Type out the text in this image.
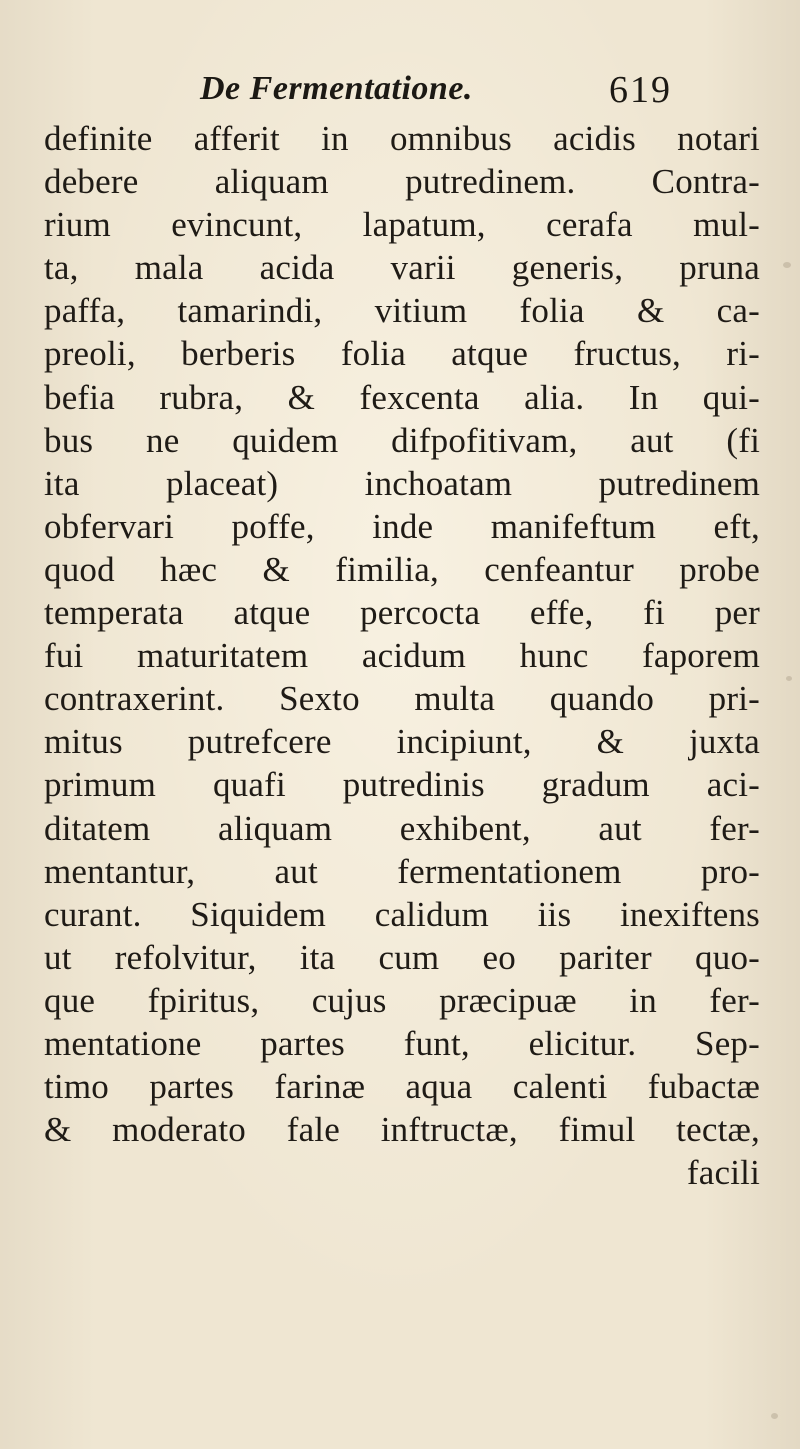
De Fermentatione.	619
definite afferit in omnibus acidis notari
debere aliquam putredinem. Contra-
rium evincunt, lapatum, cerafa mul-
ta, mala acida varii generis, pruna
paffa, tamarindi, vitium folia & ca-
preoli, berberis folia atque fructus, ri-
befia rubra, & fexcenta alia. In qui-
bus ne quidem difpofitivam, aut (fi
ita placeat) inchoatam putredinem
obfervari poffe, inde manifeftum eft,
quod hæc & fimilia, cenfeantur probe
temperata atque percocta effe, fi per
fui maturitatem acidum hunc faporem
contraxerint. Sexto multa quando pri-
mitus putrefcere incipiunt, & juxta
primum quafi putredinis gradum aci-
ditatem aliquam exhibent, aut fer-
mentantur, aut fermentationem pro-
curant. Siquidem calidum iis inexiftens
ut refolvitur, ita cum eo pariter quo-
que fpiritus, cujus præcipuæ in fer-
mentatione partes funt, elicitur. Sep-
timo partes farinæ aqua calenti fubactæ
& moderato fale inftructæ, fimul tectæ,
facili
